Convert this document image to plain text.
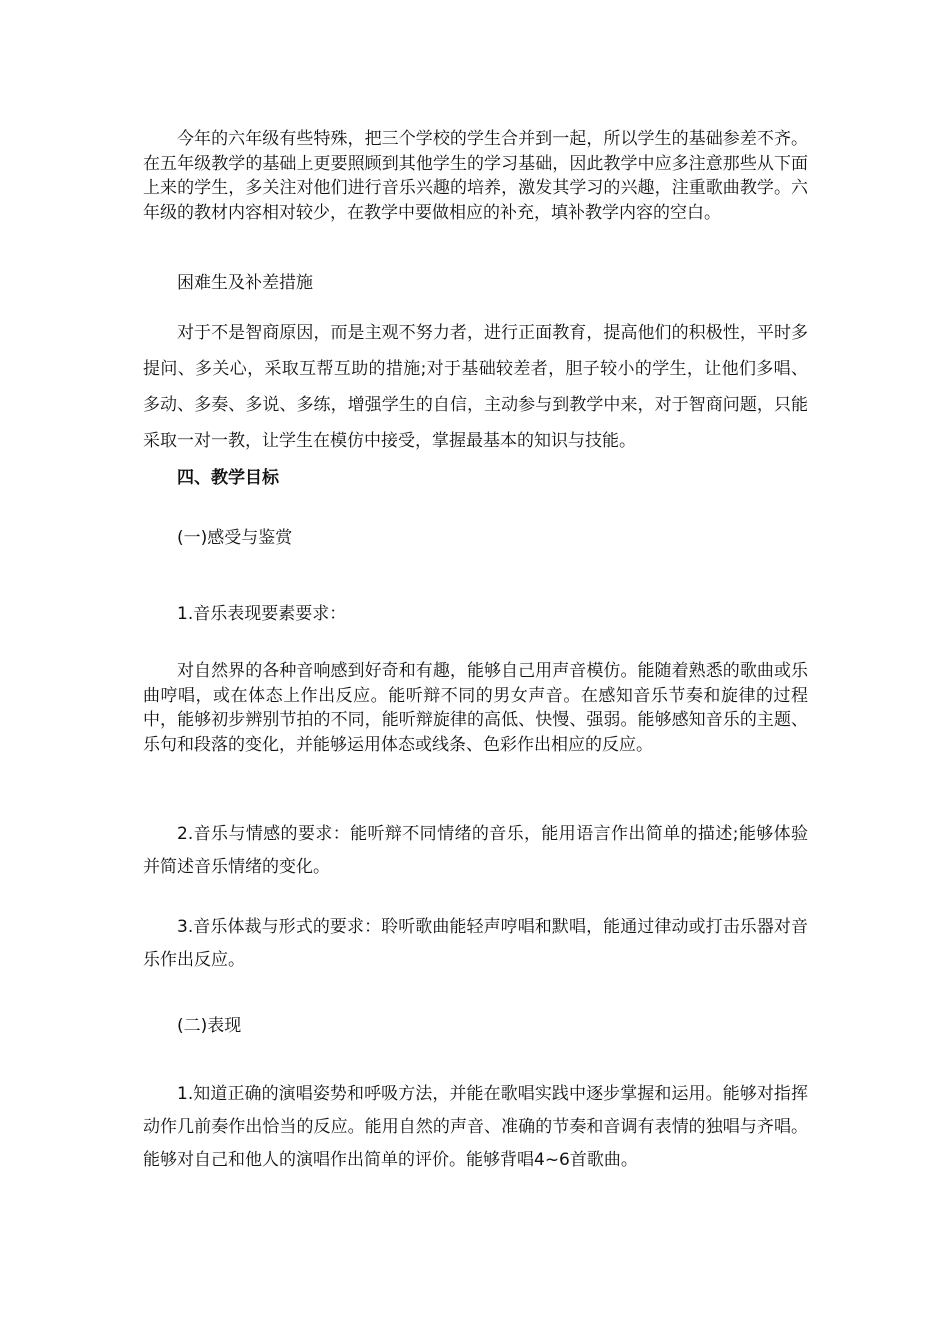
今年的六年级有些特殊，把三个学校的学生合并到一起，所以学生的基础参差不齐。在五年级教学的基础上更要照顾到其他学生的学习基础，因此教学中应多注意那些从下面上来的学生，多关注对他们进行音乐兴趣的培养，激发其学习的兴趣，注重歌曲教学。六年级的教材内容相对较少，在教学中要做相应的补充，填补教学内容的空白。

困难生及补差措施

对于不是智商原因，而是主观不努力者，进行正面教育，提高他们的积极性，平时多提问、多关心，采取互帮互助的措施;对于基础较差者，胆子较小的学生，让他们多唱、多动、多奏、多说、多练，增强学生的自信，主动参与到教学中来，对于智商问题，只能采取一对一教，让学生在模仿中接受，掌握最基本的知识与技能。

四、教学目标

(一)感受与鉴赏

1.音乐表现要素要求：

对自然界的各种音响感到好奇和有趣，能够自己用声音模仿。能随着熟悉的歌曲或乐曲哼唱，或在体态上作出反应。能听辩不同的男女声音。在感知音乐节奏和旋律的过程中，能够初步辨别节拍的不同，能听辩旋律的高低、快慢、强弱。能够感知音乐的主题、乐句和段落的变化，并能够运用体态或线条、色彩作出相应的反应。

2.音乐与情感的要求：能听辩不同情绪的音乐，能用语言作出简单的描述;能够体验并简述音乐情绪的变化。

3.音乐体裁与形式的要求：聆听歌曲能轻声哼唱和默唱，能通过律动或打击乐器对音乐作出反应。

(二)表现

1.知道正确的演唱姿势和呼吸方法，并能在歌唱实践中逐步掌握和运用。能够对指挥动作几前奏作出恰当的反应。能用自然的声音、准确的节奏和音调有表情的独唱与齐唱。能够对自己和他人的演唱作出简单的评价。能够背唱4~6首歌曲。
